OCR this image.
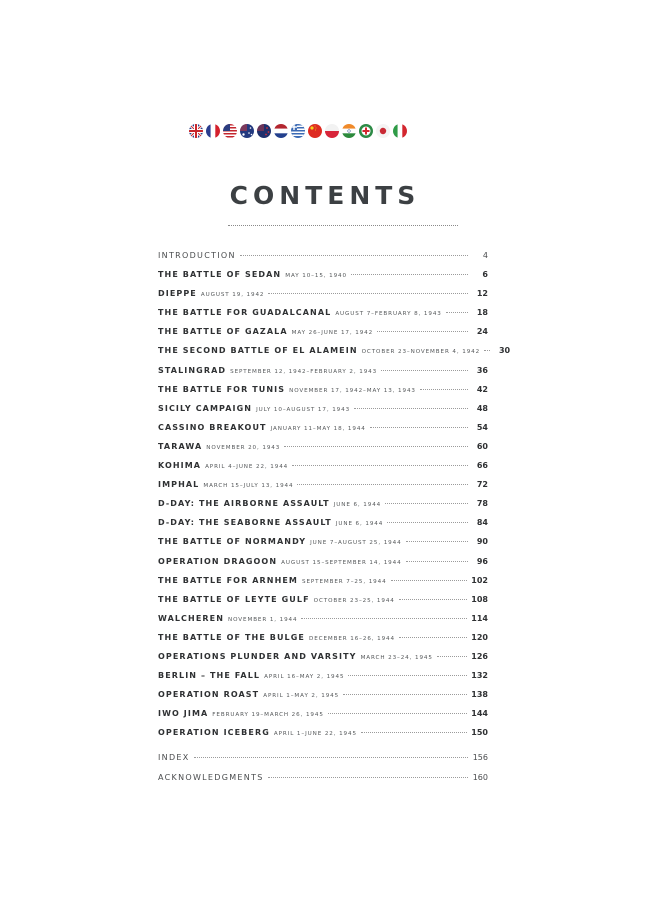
CONTENTS
INTRODUCTION	4
THE BATTLE OF SEDAN MAY 10–15, 1940	6
DIEPPE AUGUST 19, 1942	12
THE BATTLE FOR GUADALCANAL AUGUST 7–FEBRUARY 8, 1943	18
THE BATTLE OF GAZALA MAY 26–JUNE 17, 1942	24
THE SECOND BATTLE OF EL ALAMEIN OCTOBER 23–NOVEMBER 4, 1942	30
STALINGRAD SEPTEMBER 12, 1942–FEBRUARY 2, 1943	36
THE BATTLE FOR TUNIS NOVEMBER 17, 1942–MAY 13, 1943	42
SICILY CAMPAIGN JULY 10–AUGUST 17, 1943	48
CASSINO BREAKOUT JANUARY 11–MAY 18, 1944	54
TARAWA NOVEMBER 20, 1943	60
KOHIMA APRIL 4–JUNE 22, 1944	66
IMPHAL MARCH 15–JULY 13, 1944	72
D-DAY: THE AIRBORNE ASSAULT JUNE 6, 1944	78
D-DAY: THE SEABORNE ASSAULT JUNE 6, 1944	84
THE BATTLE OF NORMANDY JUNE 7–AUGUST 25, 1944	90
OPERATION DRAGOON AUGUST 15–SEPTEMBER 14, 1944	96
THE BATTLE FOR ARNHEM SEPTEMBER 7–25, 1944	102
THE BATTLE OF LEYTE GULF OCTOBER 23–25, 1944	108
WALCHEREN NOVEMBER 1, 1944	114
THE BATTLE OF THE BULGE DECEMBER 16–26, 1944	120
OPERATIONS PLUNDER AND VARSITY MARCH 23–24, 1945	126
BERLIN – THE FALL APRIL 16–MAY 2, 1945	132
OPERATION ROAST APRIL 1–MAY 2, 1945	138
IWO JIMA FEBRUARY 19–MARCH 26, 1945	144
OPERATION ICEBERG APRIL 1–JUNE 22, 1945	150
INDEX	156
ACKNOWLEDGMENTS	160
